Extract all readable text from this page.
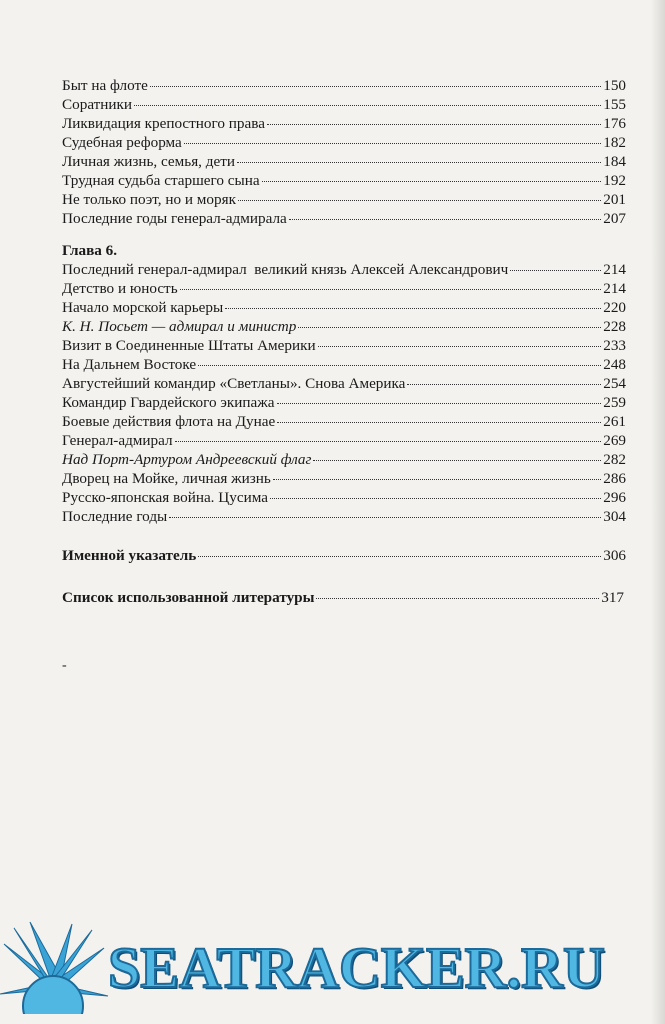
Быт на флоте	150
Соратники	155
Ликвидация крепостного права	176
Судебная реформа	182
Личная жизнь, семья, дети	184
Трудная судьба старшего сына	192
Не только поэт, но и моряк	201
Последние годы генерал-адмирала	207
Глава 6.
Последний генерал-адмирал  великий князь Алексей Александрович	214
Детство и юность	214
Начало морской карьеры	220
К. Н. Посьет — адмирал и министр	228
Визит в Соединенные Штаты Америки	233
На Дальнем Востоке	248
Августейший командир «Светланы». Снова Америка	254
Командир Гвардейского экипажа	259
Боевые действия флота на Дунае	261
Генерал-адмирал	269
Над Порт-Артуром Андреевский флаг	282
Дворец на Мойке, личная жизнь	286
Русско-японская война. Цусима	296
Последние годы	304
Именной указатель	306
Список использованной литературы	317
-
SEATRACKER.RU
